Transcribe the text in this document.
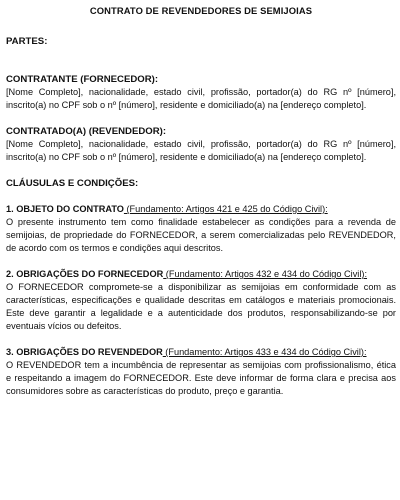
CONTRATO DE REVENDEDORES DE SEMIJOIAS
PARTES:
CONTRATANTE (FORNECEDOR):
[Nome Completo], nacionalidade, estado civil, profissão, portador(a) do RG nº [número], inscrito(a) no CPF sob o nº [número], residente e domiciliado(a) na [endereço completo].
CONTRATADO(A) (REVENDEDOR):
[Nome Completo], nacionalidade, estado civil, profissão, portador(a) do RG nº [número], inscrito(a) no CPF sob o nº [número], residente e domiciliado(a) na [endereço completo].
CLÁUSULAS E CONDIÇÕES:
1. OBJETO DO CONTRATO (Fundamento: Artigos 421 e 425 do Código Civil):
O presente instrumento tem como finalidade estabelecer as condições para a revenda de semijoias, de propriedade do FORNECEDOR, a serem comercializadas pelo REVENDEDOR, de acordo com os termos e condições aqui descritos.
2. OBRIGAÇÕES DO FORNECEDOR (Fundamento: Artigos 432 e 434 do Código Civil):
O FORNECEDOR compromete-se a disponibilizar as semijoias em conformidade com as características, especificações e qualidade descritas em catálogos e materiais promocionais. Este deve garantir a legalidade e a autenticidade dos produtos, responsabilizando-se por eventuais vícios ou defeitos.
3. OBRIGAÇÕES DO REVENDEDOR (Fundamento: Artigos 433 e 434 do Código Civil):
O REVENDEDOR tem a incumbência de representar as semijoias com profissionalismo, ética e respeitando a imagem do FORNECEDOR. Este deve informar de forma clara e precisa aos consumidores sobre as características do produto, preço e garantia.
